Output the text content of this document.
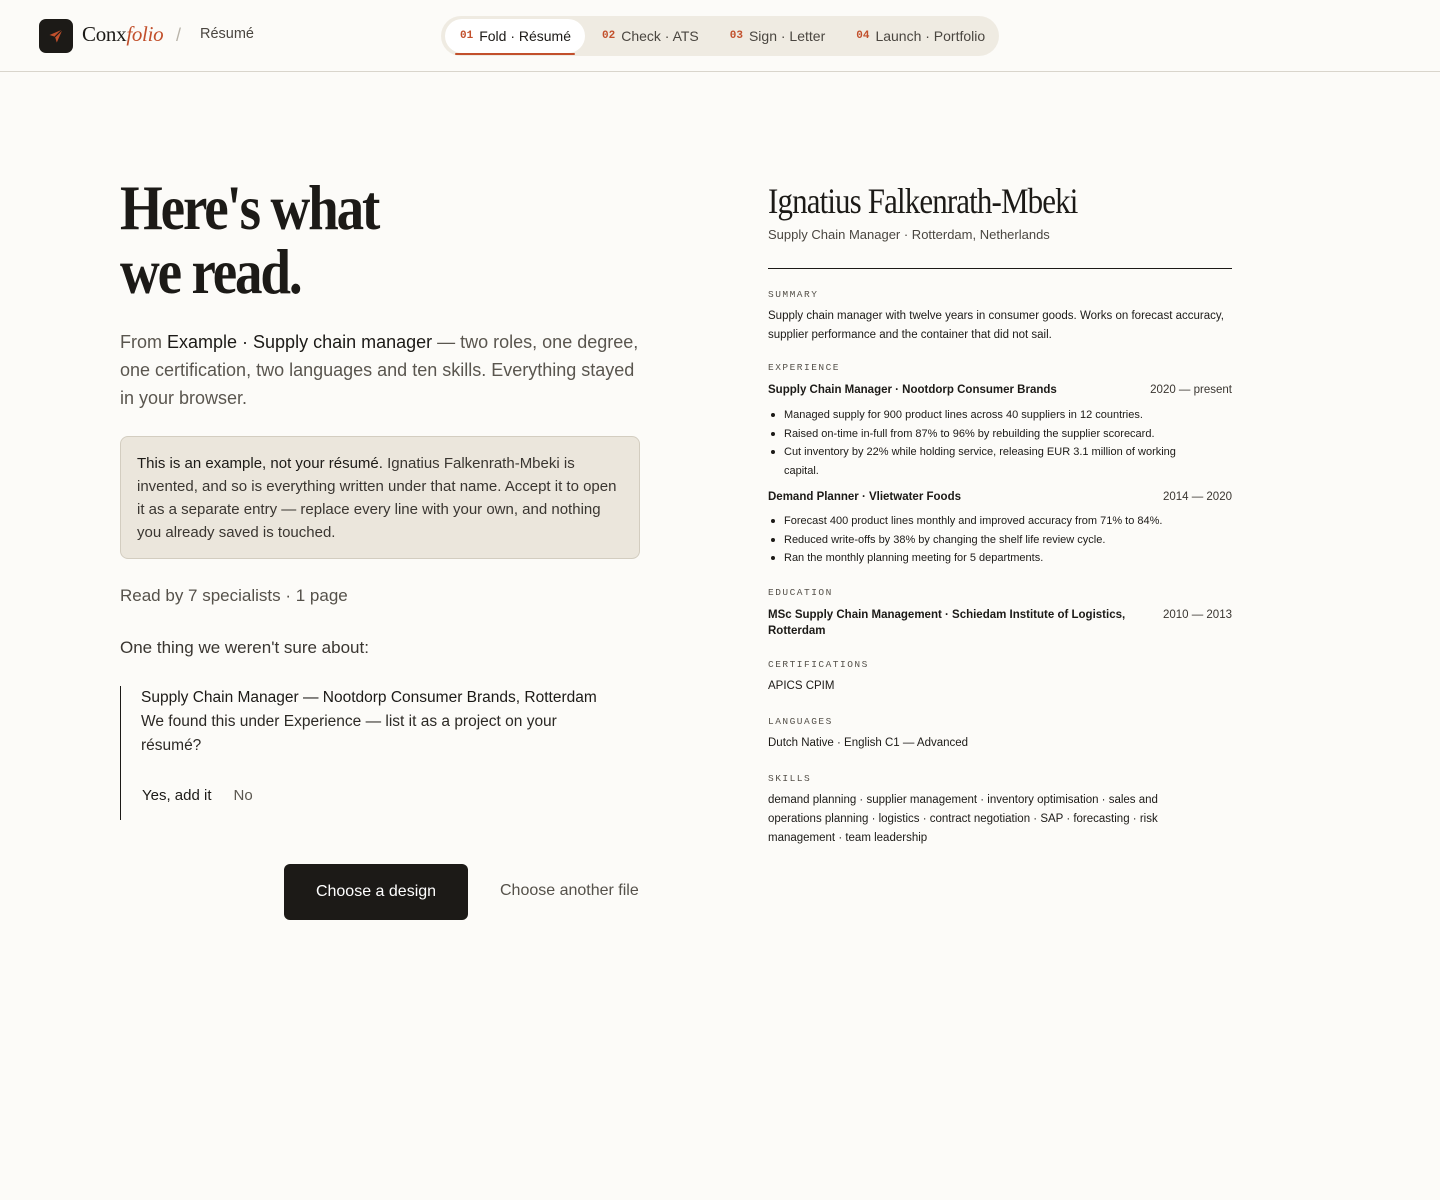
Conxfolio / Résumé	01 Fold · Résumé	02 Check · ATS	03 Sign · Letter	04 Launch · Portfolio
Here's what
we read.

From Example · Supply chain manager — two roles, one degree, one certification, two languages and ten skills. Everything stayed in your browser.

This is an example, not your résumé. Ignatius Falkenrath-Mbeki is invented, and so is everything written under that name. Accept it to open it as a separate entry — replace every line with your own, and nothing you already saved is touched.
Read by 7 specialists · 1 page
One thing we weren't sure about:
Supply Chain Manager — Nootdorp Consumer Brands, Rotterdam
We found this under Experience — list it as a project on your résumé?
Yes, add it No
Choose a design	Choose another file
Ignatius Falkenrath-Mbeki
Supply Chain Manager · Rotterdam, Netherlands
SUMMARY
Supply chain manager with twelve years in consumer goods. Works on forecast accuracy, supplier performance and the container that did not sail.
EXPERIENCE
Supply Chain Manager · Nootdorp Consumer Brands	2020 — present
Managed supply for 900 product lines across 40 suppliers in 12 countries.
Raised on-time in-full from 87% to 96% by rebuilding the supplier scorecard.
Cut inventory by 22% while holding service, releasing EUR 3.1 million of working capital.
Demand Planner · Vlietwater Foods	2014 — 2020
Forecast 400 product lines monthly and improved accuracy from 71% to 84%.
Reduced write-offs by 38% by changing the shelf life review cycle.
Ran the monthly planning meeting for 5 departments.
EDUCATION
MSc Supply Chain Management · Schiedam Institute of Logistics, Rotterdam
2010 — 2013
CERTIFICATIONS
APICS CPIM
LANGUAGES
Dutch Native · English C1 — Advanced
SKILLS
demand planning · supplier management · inventory optimisation · sales and operations planning · logistics · contract negotiation · SAP · forecasting · risk management · team leadership
